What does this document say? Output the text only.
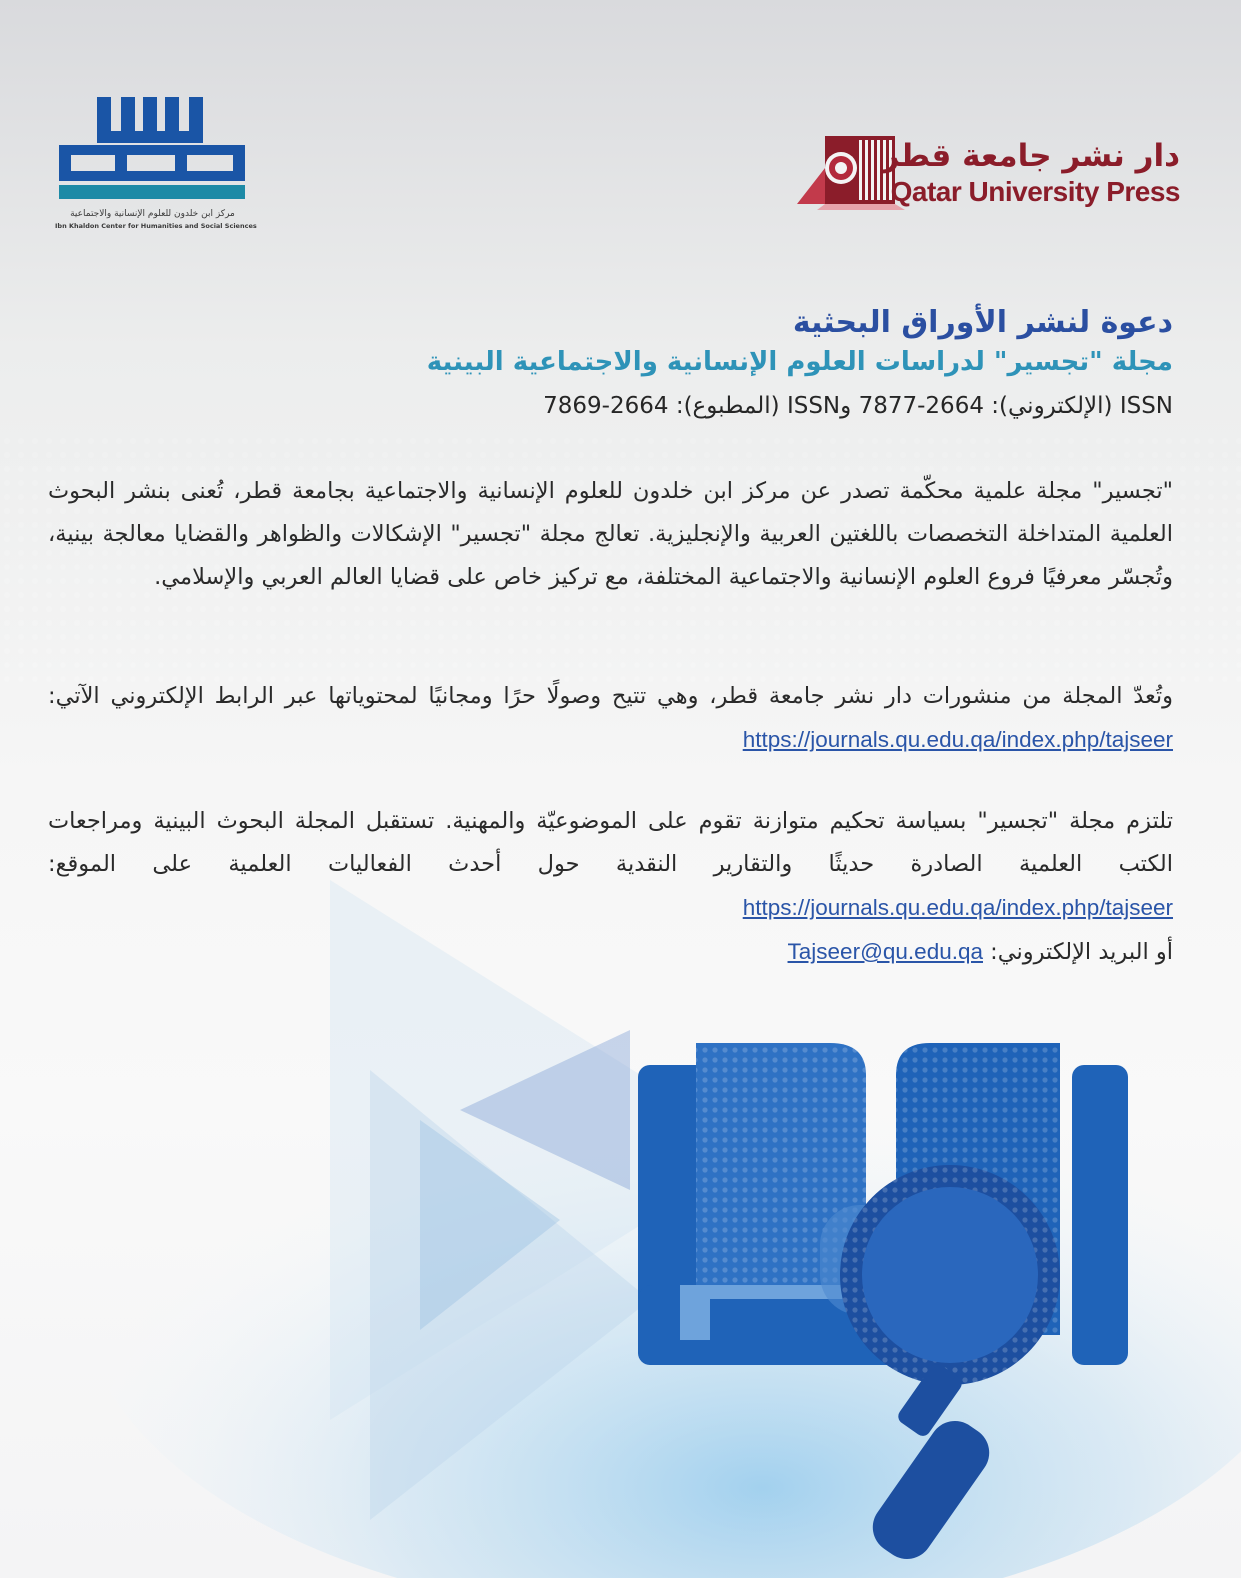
مركز ابن خلدون للعلوم الإنسانية والاجتماعية
Ibn Khaldon Center for Humanities and Social Sciences
دار نشر جامعة قطر
Qatar University Press
دعوة لنشر الأوراق البحثية
مجلة "تجسير" لدراسات العلوم الإنسانية والاجتماعية البينية
ISSN (الإلكتروني): 2664-7877 وISSN (المطبوع): 2664-7869
"تجسير" مجلة علمية محكّمة تصدر عن مركز ابن خلدون للعلوم الإنسانية والاجتماعية بجامعة قطر، تُعنى بنشر البحوث العلمية المتداخلة التخصصات باللغتين العربية والإنجليزية. تعالج مجلة "تجسير" الإشكالات والظواهر والقضايا معالجة بينية، وتُجسّر معرفيًا فروع العلوم الإنسانية والاجتماعية المختلفة، مع تركيز خاص على قضايا العالم العربي والإسلامي.
وتُعدّ المجلة من منشورات دار نشر جامعة قطر، وهي تتيح وصولًا حرًا ومجانيًا لمحتوياتها عبر الرابط الإلكتروني الآتي: https://journals.qu.edu.qa/index.php/tajseer
تلتزم مجلة "تجسير" بسياسة تحكيم متوازنة تقوم على الموضوعيّة والمهنية. تستقبل المجلة البحوث البينية ومراجعات الكتب العلمية الصادرة حديثًا والتقارير النقدية حول أحدث الفعاليات العلمية على الموقع: https://journals.qu.edu.qa/index.php/tajseer
أو البريد الإلكتروني: Tajseer@qu.edu.qa
